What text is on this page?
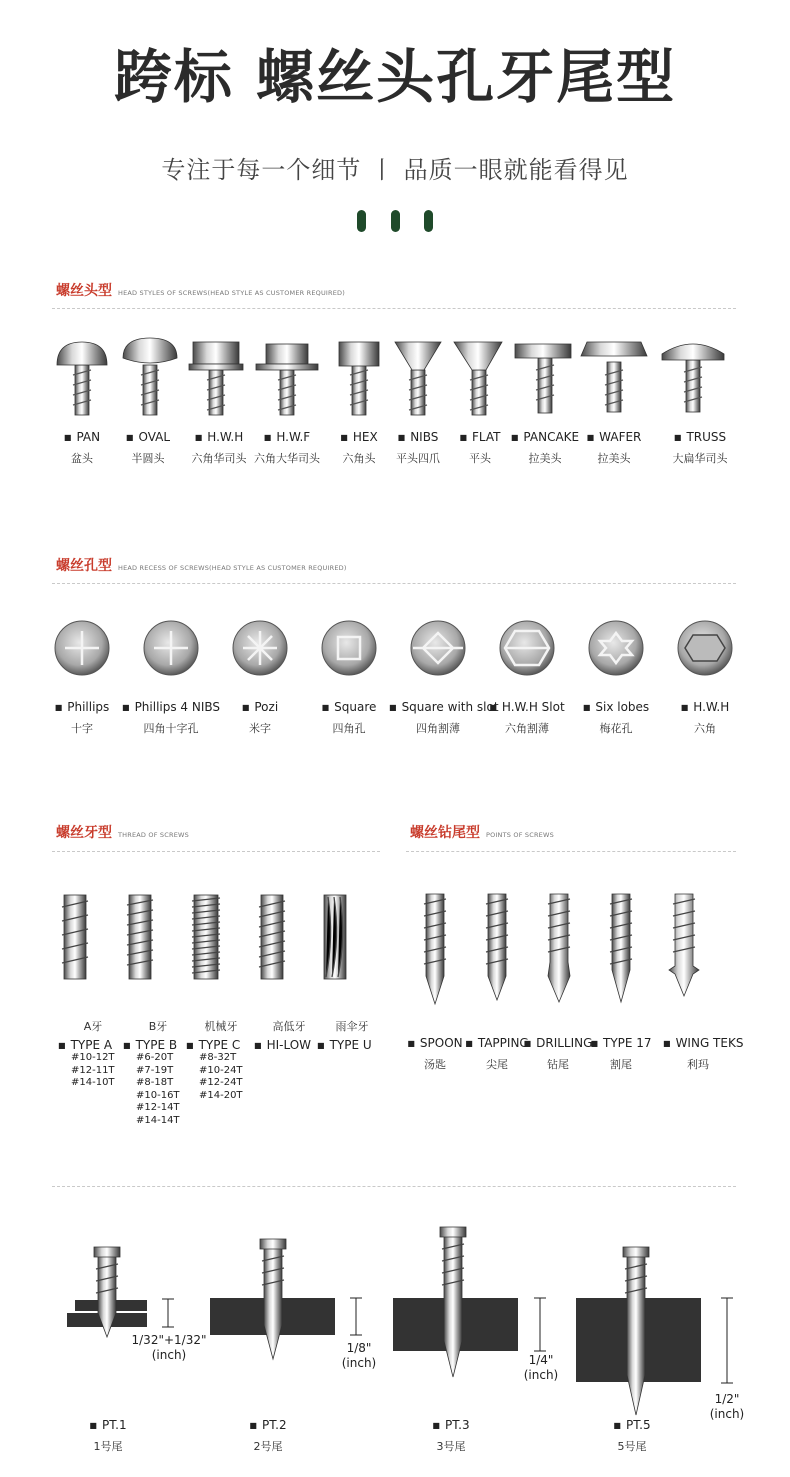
跨标 螺丝头孔牙尾型
专注于每一个细节 丨 品质一眼就能看得见
螺丝头型 HEAD STYLES OF SCREWS(HEAD STYLE AS CUSTOMER REQUIRED)
■ PAN
盆头
■ OVAL
半圆头
■ H.W.H
六角华司头
■ H.W.F
六角大华司头
■ HEX
六角头
■ NIBS
平头四爪
■ FLAT
平头
■ PANCAKE
拉美头
■ WAFER
拉美头
■ TRUSS
大扁华司头
螺丝孔型 HEAD RECESS OF SCREWS(HEAD STYLE AS CUSTOMER REQUIRED)
■ Phillips
十字
■ Phillips 4 NIBS
四角十字孔
■ Pozi
米字
■ Square
四角孔
■ Square with slot
四角割薄
■ H.W.H Slot
六角割薄
■ Six lobes
梅花孔
■ H.W.H
六角
螺丝牙型 THREAD OF SCREWS
A牙
■ TYPE A
#10-12T
#12-11T
#14-10T
B牙
■ TYPE B
#6-20T
#7-19T
#8-18T
#10-16T
#12-14T
#14-14T
机械牙
■ TYPE C
#8-32T
#10-24T
#12-24T
#14-20T
高低牙
■ HI-LOW
雨伞牙
■ TYPE U
螺丝钻尾型 POINTS OF SCREWS
■ SPOON
汤匙
■ TAPPING
尖尾
■ DRILLING
钻尾
■ TYPE 17
割尾
■ WING TEKS
利玛
1/32"+1/32"
(inch)	1/8"
(inch)	1/4"
(inch)
1/2"
(inch)
■ PT.1
1号尾
■ PT.2
2号尾
■ PT.3
3号尾
■ PT.5
5号尾
